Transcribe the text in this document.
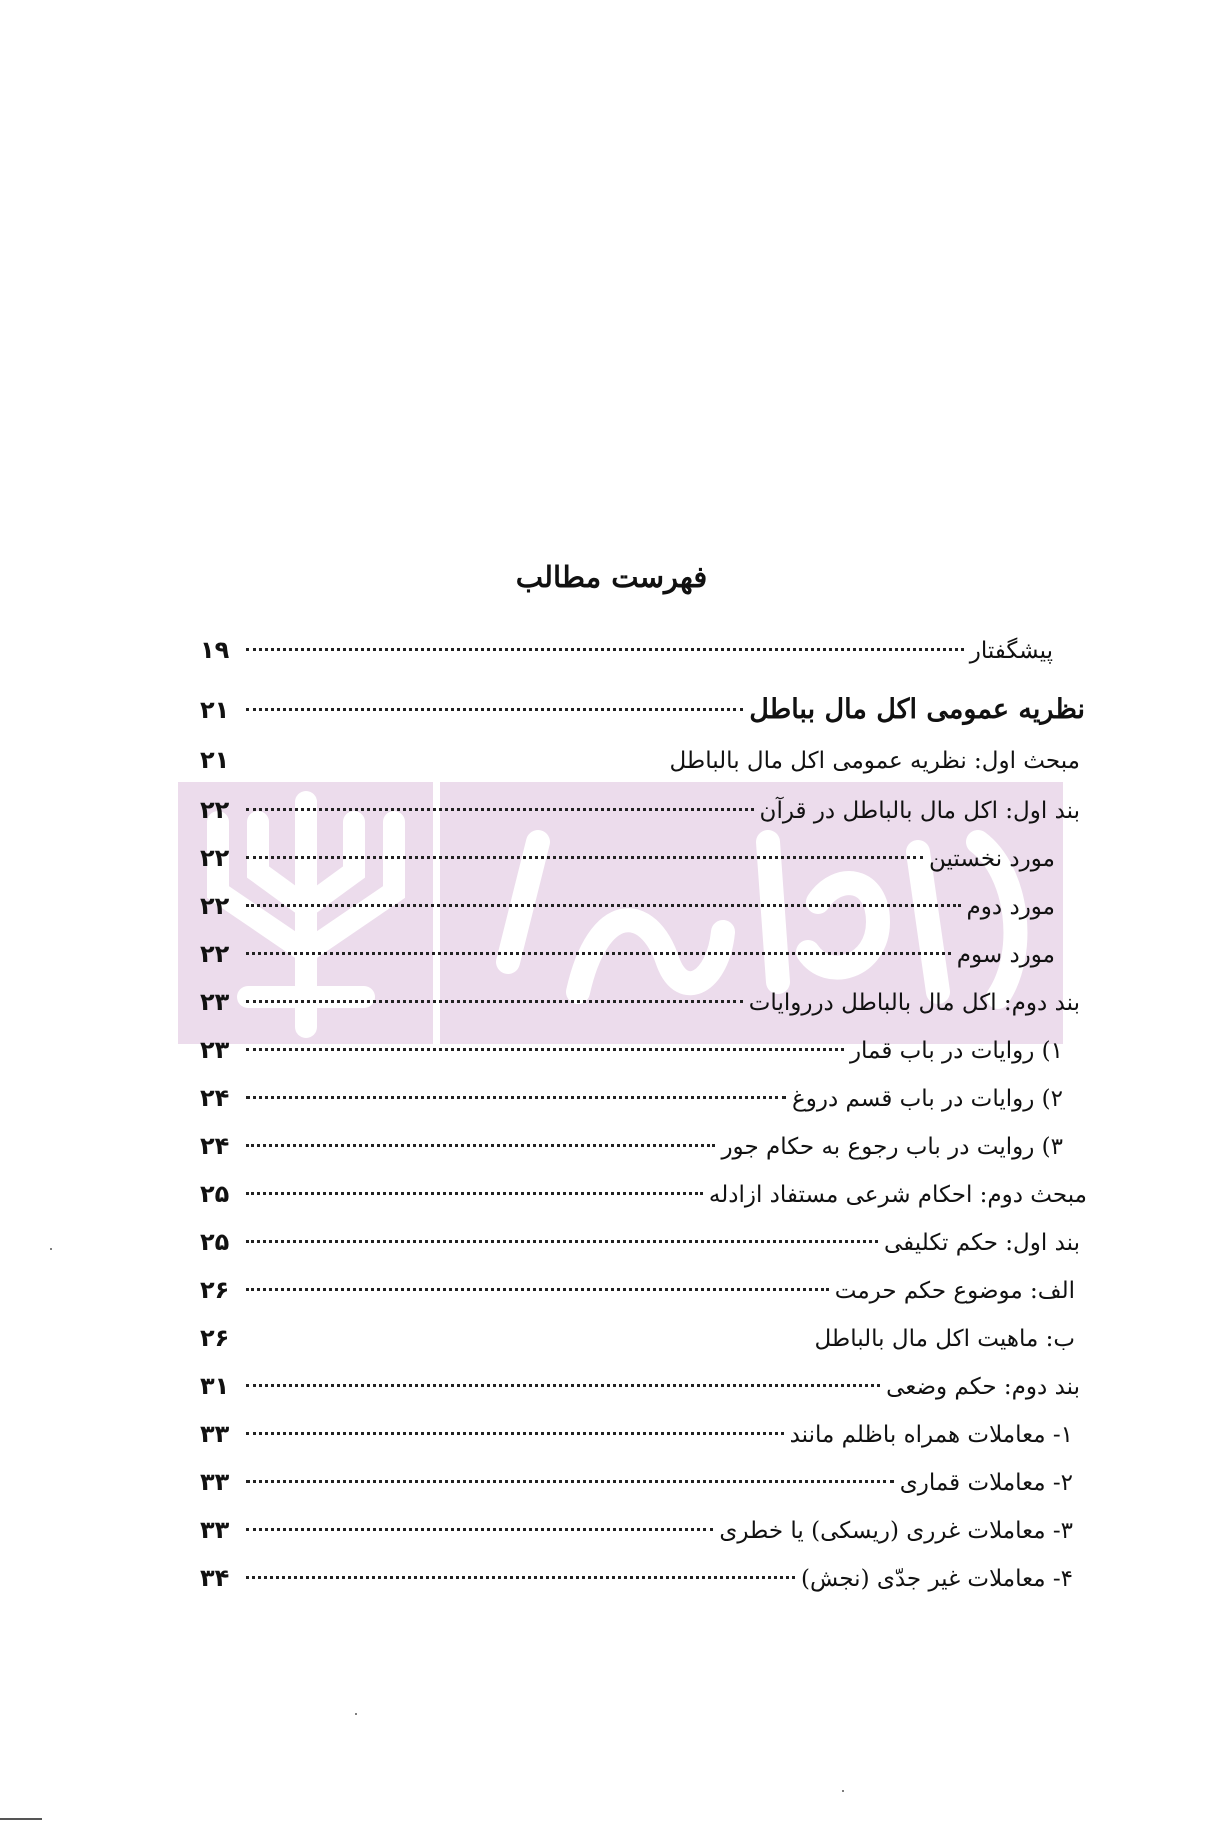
فهرست مطالب
پیشگفتار
۱۹
نظریه عمومی اکل مال بباطل
۲۱
مبحث اول: نظریه عمومی اکل مال بالباطل
۲۱
بند اول: اکل مال بالباطل در قرآن
۲۲
مورد نخستین
۲۲
مورد دوم
۲۲
مورد سوم
۲۲
بند دوم: اکل مال بالباطل درروایات
۲۳
۱) روایات در باب قمار
۲۳
۲) روایات در باب قسم دروغ
۲۴
۳) روایت در باب رجوع به حکام جور
۲۴
مبحث دوم: احکام شرعی مستفاد ازادله
۲۵
بند اول: حکم تکلیفی
۲۵
الف: موضوع حکم حرمت
۲۶
ب: ماهیت اکل مال بالباطل
۲۶
بند دوم: حکم وضعی
۳۱
۱- معاملات همراه باظلم مانند
۳۳
۲- معاملات قماری
۳۳
۳- معاملات غرری (ریسکی) یا خطری
۳۳
۴- معاملات غیر جدّی (نجش)
۳۴
